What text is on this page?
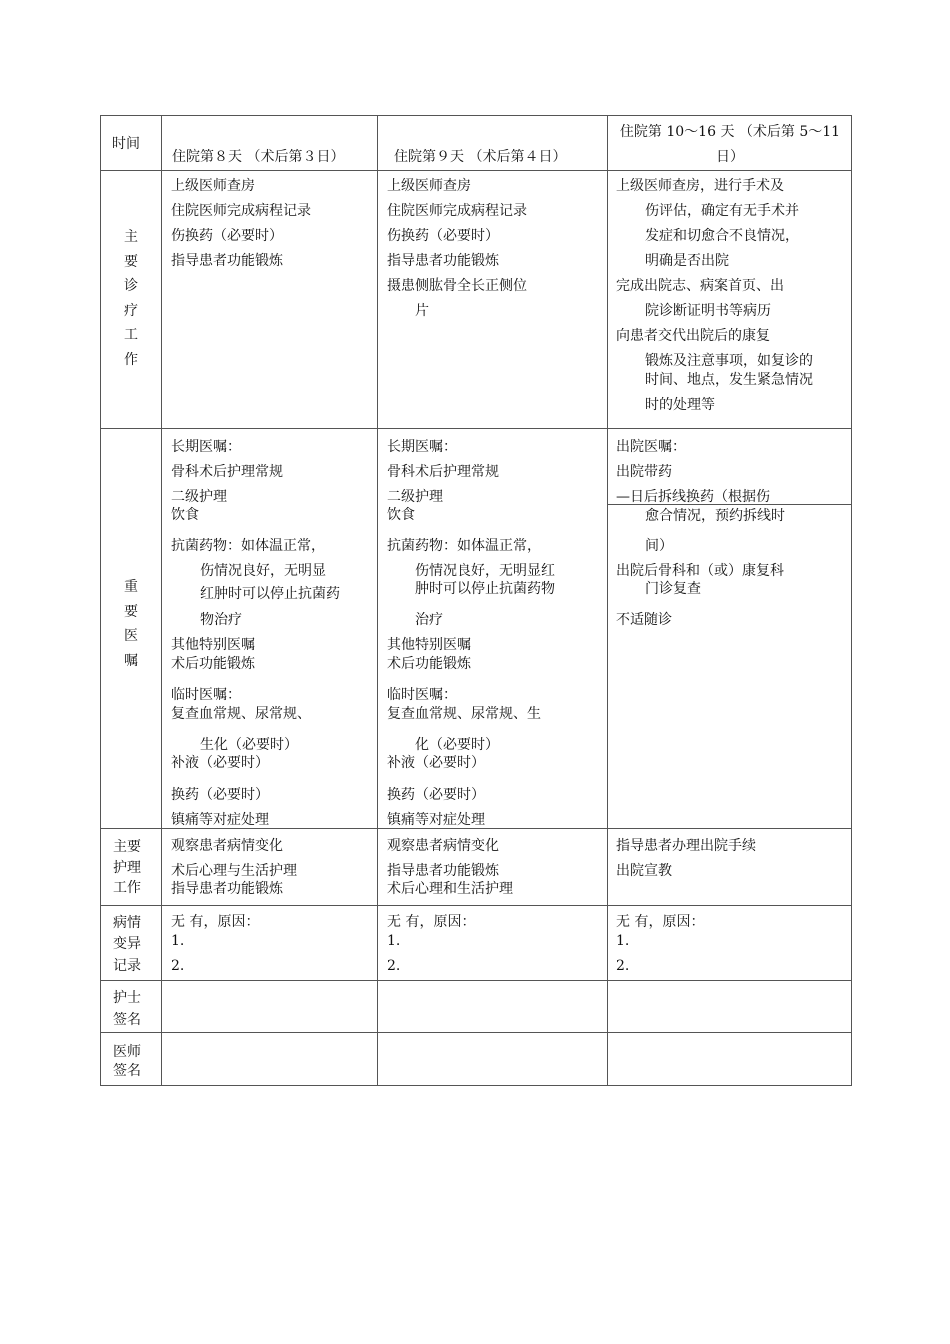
时间
住院第８天 （术后第３日）	住院第９天 （术后第４日）
住院第 10〜16 天 （术后第 5〜11
日）
主
要
诊
疗
工
作
上级医师查房
住院医师完成病程记录
伤换药（必要时）
指导患者功能锻炼
上级医师查房
住院医师完成病程记录
伤换药（必要时）
指导患者功能锻炼
摄患侧肱骨全长正侧位
片
上级医师查房，进行手术及
伤评估，确定有无手术并
发症和切愈合不良情况，
明确是否出院
完成出院志、病案首页、出
院诊断证明书等病历
向患者交代出院后的康复
锻炼及注意事项，如复诊的
时间、地点，发生紧急情况
时的处理等
重
要
医
嘱
长期医嘱：
骨科术后护理常规
二级护理
饮食
抗菌药物：如体温正常，
伤情况良好，无明显
红肿时可以停止抗菌药
物治疗
其他特别医嘱
术后功能锻炼
临时医嘱：
复查血常规、尿常规、
生化（必要时）
补液（必要时）
换药（必要时）
镇痛等对症处理
长期医嘱：
骨科术后护理常规
二级护理
饮食
抗菌药物：如体温正常，
伤情况良好，无明显红
肿时可以停止抗菌药物
治疗
其他特别医嘱
术后功能锻炼
临时医嘱：
复查血常规、尿常规、生
化（必要时）
补液（必要时）
换药（必要时）
镇痛等对症处理
出院医嘱：
出院带药
—日后拆线换药（根据伤
愈合情况，预约拆线时
间）
出院后骨科和（或）康复科
门诊复查
不适随诊
主要
护理
工作
观察患者病情变化
术后心理与生活护理
指导患者功能锻炼
观察患者病情变化
指导患者功能锻炼
术后心理和生活护理
指导患者办理出院手续
出院宣教
病情
变异
记录
无 有，原因：
1.
2.
无 有，原因：
1.
2.
无 有，原因：
1.
2.
护士
签名
医师
签名
